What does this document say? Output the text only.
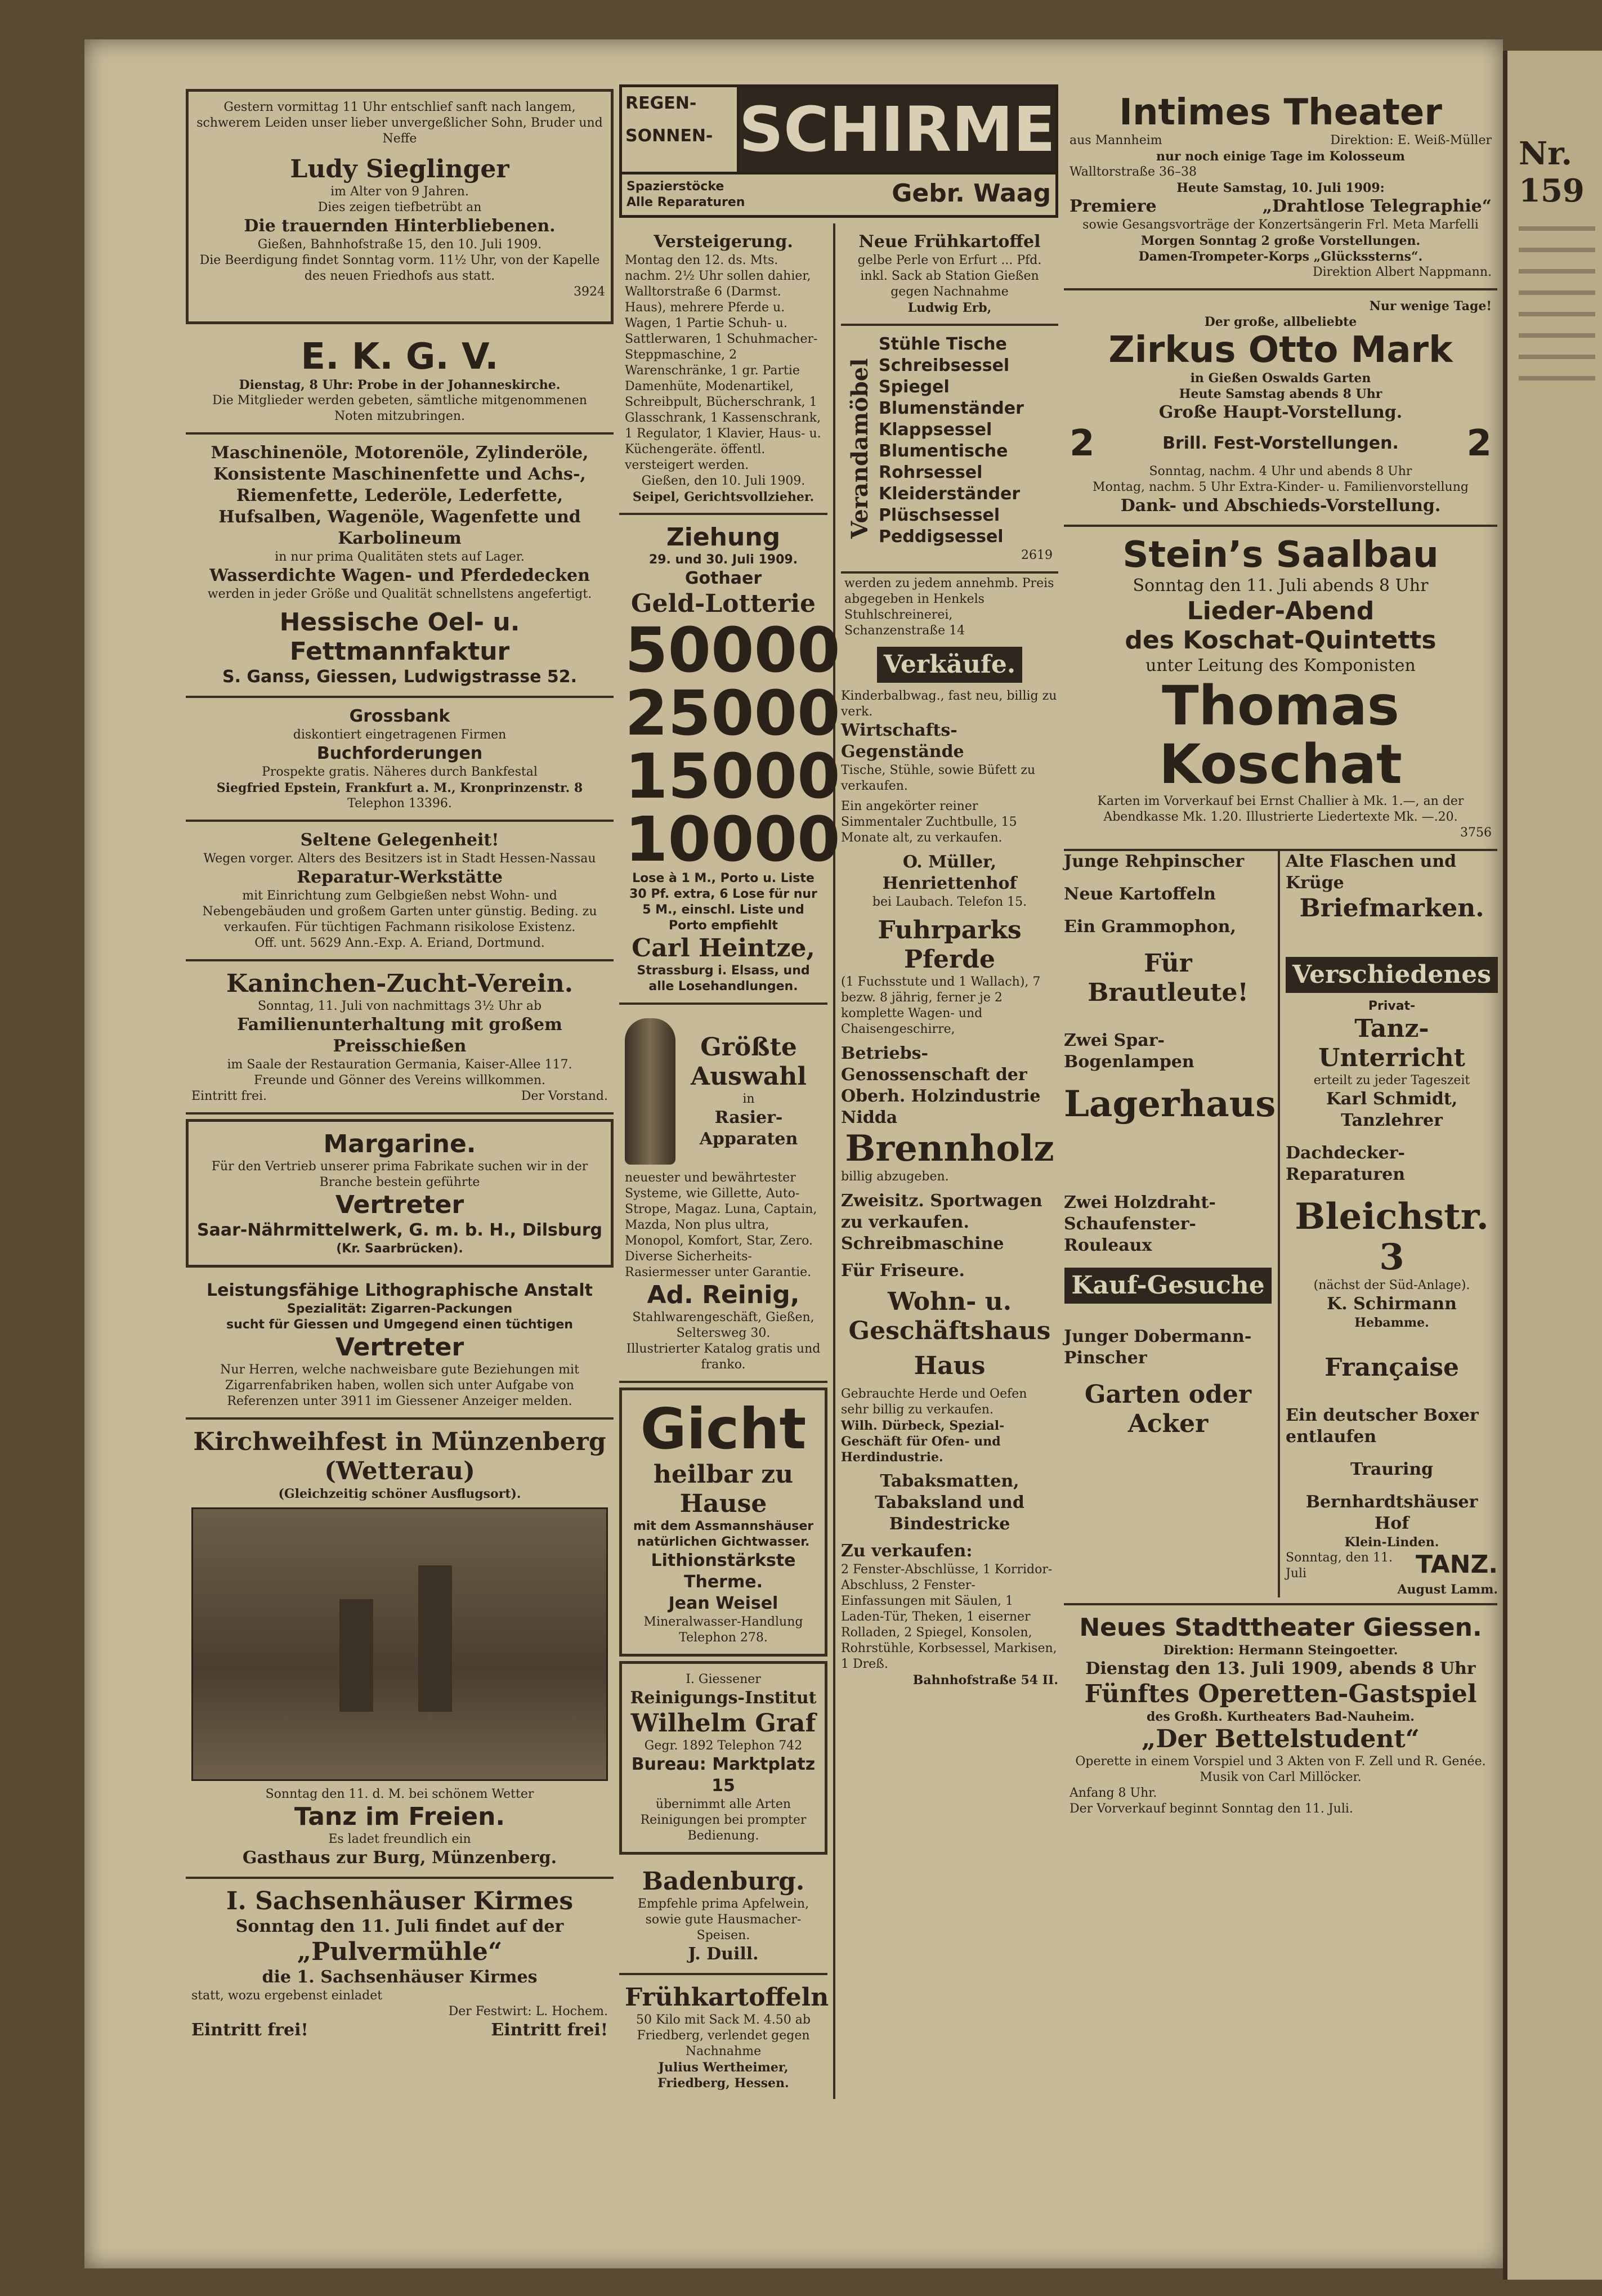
Nr. 159
Gestern vormittag 11 Uhr entschlief sanft nach langem, schwerem Leiden unser lieber unvergeßlicher Sohn, Bruder und Neffe
Ludy Sieglinger
im Alter von 9 Jahren.
Dies zeigen tiefbetrübt an
Die trauernden Hinterbliebenen.
Gießen, Bahnhofstraße 15, den 10. Juli 1909.
Die Beerdigung findet Sonntag vorm. 11½ Uhr, von der Kapelle des neuen Friedhofs aus statt.
3924
E. K. G. V.
Dienstag, 8 Uhr: Probe in der Johanneskirche.
Die Mitglieder werden gebeten, sämtliche mitgenommenen Noten mitzubringen.
Maschinenöle, Motorenöle, Zylinderöle, Konsistente Maschinenfette und Achs-, Riemenfette, Lederöle, Lederfette, Hufsalben, Wagenöle, Wagenfette und Karbolineum
in nur prima Qualitäten stets auf Lager.
Wasserdichte Wagen- und Pferdedecken
werden in jeder Größe und Qualität schnellstens angefertigt.
Hessische Oel- u. Fettmannfaktur
S. Ganss, Giessen, Ludwigstrasse 52.
Grossbank
diskontiert eingetragenen Firmen
Buchforderungen
Prospekte gratis. Näheres durch Bankfestal
Siegfried Epstein, Frankfurt a. M., Kronprinzenstr. 8
Telephon 13396.
Seltene Gelegenheit!
Wegen vorger. Alters des Besitzers ist in Stadt Hessen-Nassau
Reparatur-Werkstätte
mit Einrichtung zum Gelbgießen nebst Wohn- und Nebengebäuden und großem Garten unter günstig. Beding. zu verkaufen. Für tüchtigen Fachmann risikolose Existenz.
Off. unt. 5629 Ann.-Exp. A. Eriand, Dortmund.
Kaninchen-Zucht-Verein.
Sonntag, 11. Juli von nachmittags 3½ Uhr ab
Familienunterhaltung mit großem Preisschießen
im Saale der Restauration Germania, Kaiser-Allee 117.
Freunde und Gönner des Vereins willkommen.
Eintritt frei.	Der Vorstand.
Margarine.
Für den Vertrieb unserer prima Fabrikate suchen wir in der Branche bestein geführte
Vertreter
Saar-Nährmittelwerk, G. m. b. H., Dilsburg
(Kr. Saarbrücken).
Leistungsfähige Lithographische Anstalt
Spezialität: Zigarren-Packungen
sucht für Giessen und Umgegend einen tüchtigen
Vertreter
Nur Herren, welche nachweisbare gute Beziehungen mit Zigarrenfabriken haben, wollen sich unter Aufgabe von Referenzen unter 3911 im Giessener Anzeiger melden.
Kirchweihfest in Münzenberg (Wetterau)
(Gleichzeitig schöner Ausflugsort).
Sonntag den 11. d. M. bei schönem Wetter
Tanz im Freien.
Es ladet freundlich ein
Gasthaus zur Burg, Münzenberg.
I. Sachsenhäuser Kirmes
Sonntag den 11. Juli findet auf der
„Pulvermühle“
die 1. Sachsenhäuser Kirmes
statt, wozu ergebenst einladet
Der Festwirt: L. Hochem.
Eintritt frei!	Eintritt frei!
REGEN-
SONNEN- SCHIRME
Spazierstöcke
Alle Reparaturen	Gebr. Waag
Versteigerung.
Montag den 12. ds. Mts. nachm. 2½ Uhr sollen dahier, Walltorstraße 6 (Darmst. Haus), mehrere Pferde u. Wagen, 1 Partie Schuh- u. Sattlerwaren, 1 Schuhmacher-Steppmaschine, 2 Warenschränke, 1 gr. Partie Damenhüte, Modenartikel, Schreibpult, Bücherschrank, 1 Glasschrank, 1 Kassenschrank, 1 Regulator, 1 Klavier, Haus- u. Küchengeräte. öffentl. versteigert werden.
Gießen, den 10. Juli 1909.
Seipel, Gerichtsvollzieher.
Ziehung
29. und 30. Juli 1909.
Gothaer
Geld-Lotterie
50000
25000
15000
10000
Lose à 1 M., Porto u. Liste 30 Pf. extra, 6 Lose für nur 5 M., einschl. Liste und Porto empfiehlt
Carl Heintze,
Strassburg i. Elsass, und alle Losehandlungen.
Größte Auswahl
in
Rasier-Apparaten
neuester und bewährtester Systeme, wie Gillette, Auto-Strope, Magaz. Luna, Captain, Mazda, Non plus ultra, Monopol, Komfort, Star, Zero. Diverse Sicherheits-Rasiermesser unter Garantie.
Ad. Reinig,
Stahlwarengeschäft, Gießen, Seltersweg 30.
Illustrierter Katalog gratis und franko.
Gicht
heilbar zu Hause
mit dem Assmannshäuser natürlichen Gichtwasser.
Lithionstärkste Therme.
Jean Weisel
Mineralwasser-Handlung Telephon 278.
I. Giessener
Reinigungs-Institut
Wilhelm Graf
Gegr. 1892 Telephon 742
Bureau: Marktplatz 15
übernimmt alle Arten Reinigungen bei prompter Bedienung.
Badenburg.
Empfehle prima Apfelwein, sowie gute Hausmacher-Speisen.
J. Duill.
Frühkartoffeln
50 Kilo mit Sack M. 4.50 ab Friedberg, verlendet gegen Nachnahme
Julius Wertheimer, Friedberg, Hessen.
Neue Frühkartoffel
gelbe Perle von Erfurt ... Pfd. inkl. Sack ab Station Gießen gegen Nachnahme
Ludwig Erb,
Verandamöbel
Stühle Tische
Schreibsessel
Spiegel
Blumenständer
Klappsessel
Blumentische
Rohrsessel
Kleiderständer
Plüschsessel
Peddigsessel
2619
werden zu jedem annehmb. Preis abgegeben in Henkels Stuhlschreinerei, Schanzenstraße 14
Verkäufe.
Kinderbalbwag., fast neu, billig zu verk.
Wirtschafts-Gegenstände
Tische, Stühle, sowie Büfett zu verkaufen.
Ein angekörter reiner Simmentaler Zuchtbulle, 15 Monate alt, zu verkaufen.
O. Müller, Henriettenhof
bei Laubach. Telefon 15.
Fuhrparks
Pferde
(1 Fuchsstute und 1 Wallach), 7 bezw. 8 jährig, ferner je 2 komplette Wagen- und Chaisengeschirre,
Betriebs-Genossenschaft der Oberh. Holzindustrie Nidda
Brennholz
billig abzugeben.
Zweisitz. Sportwagen zu verkaufen.
Schreibmaschine
Für Friseure.
Wohn- u. Geschäftshaus
Haus
Gebrauchte Herde und Oefen sehr billig zu verkaufen.
Wilh. Dürbeck, Spezial-Geschäft für Ofen- und Herdindustrie.
Tabaksmatten, Tabaksland und Bindestricke
Zu verkaufen:
2 Fenster-Abschlüsse, 1 Korridor-Abschluss, 2 Fenster-Einfassungen mit Säulen, 1 Laden-Tür, Theken, 1 eiserner Rolladen, 2 Spiegel, Konsolen, Rohrstühle, Korbsessel, Markisen, 1 Dreß.
Bahnhofstraße 54 II.
Intimes Theater
aus Mannheim	Direktion: E. Weiß-Müller
nur noch einige Tage im Kolosseum
Walltorstraße 36–38
Heute Samstag, 10. Juli 1909:
Premiere	„Drahtlose Telegraphie“
sowie Gesangsvorträge der Konzertsängerin Frl. Meta Marfelli
Morgen Sonntag 2 große Vorstellungen.
Damen-Trompeter-Korps „Glückssterns“.
Direktion Albert Nappmann.
Nur wenige Tage!
Der große, allbeliebte
Zirkus Otto Mark
in Gießen Oswalds Garten
Heute Samstag abends 8 Uhr
Große Haupt-Vorstellung.
2	Brill. Fest-Vorstellungen. 2
Sonntag, nachm. 4 Uhr und abends 8 Uhr
Montag, nachm. 5 Uhr Extra-Kinder- u. Familienvorstellung
Dank- und Abschieds-Vorstellung.
Stein’s Saalbau
Sonntag den 11. Juli abends 8 Uhr
Lieder-Abend
des Koschat-Quintetts
unter Leitung des Komponisten
Thomas Koschat
Karten im Vorverkauf bei Ernst Challier à Mk. 1.—, an der Abendkasse Mk. 1.20. Illustrierte Liedertexte Mk. —.20.
3756
Junge Rehpinscher
Neue Kartoffeln
Ein Grammophon,
Für Brautleute!
Zwei Spar-Bogenlampen
Lagerhaus
Zwei Holzdraht-Schaufenster-Rouleaux
Kauf-Gesuche
Junger Dobermann-Pinscher
Garten oder Acker
Alte Flaschen und Krüge
Briefmarken.
Verschiedenes
Privat-
Tanz-Unterricht
erteilt zu jeder Tageszeit
Karl Schmidt, Tanzlehrer
Dachdecker-Reparaturen
Bleichstr. 3
(nächst der Süd-Anlage).
K. Schirmann
Hebamme.
Française
Ein deutscher Boxer entlaufen
Trauring
Bernhardtshäuser Hof
Klein-Linden.
Sonntag, den 11. Juli	TANZ.
August Lamm.
Neues Stadttheater Giessen.
Direktion: Hermann Steingoetter.
Dienstag den 13. Juli 1909, abends 8 Uhr
Fünftes Operetten-Gastspiel
des Großh. Kurtheaters Bad-Nauheim.
„Der Bettelstudent“
Operette in einem Vorspiel und 3 Akten von F. Zell und R. Genée. Musik von Carl Millöcker.
Anfang 8 Uhr.
Der Vorverkauf beginnt Sonntag den 11. Juli.
